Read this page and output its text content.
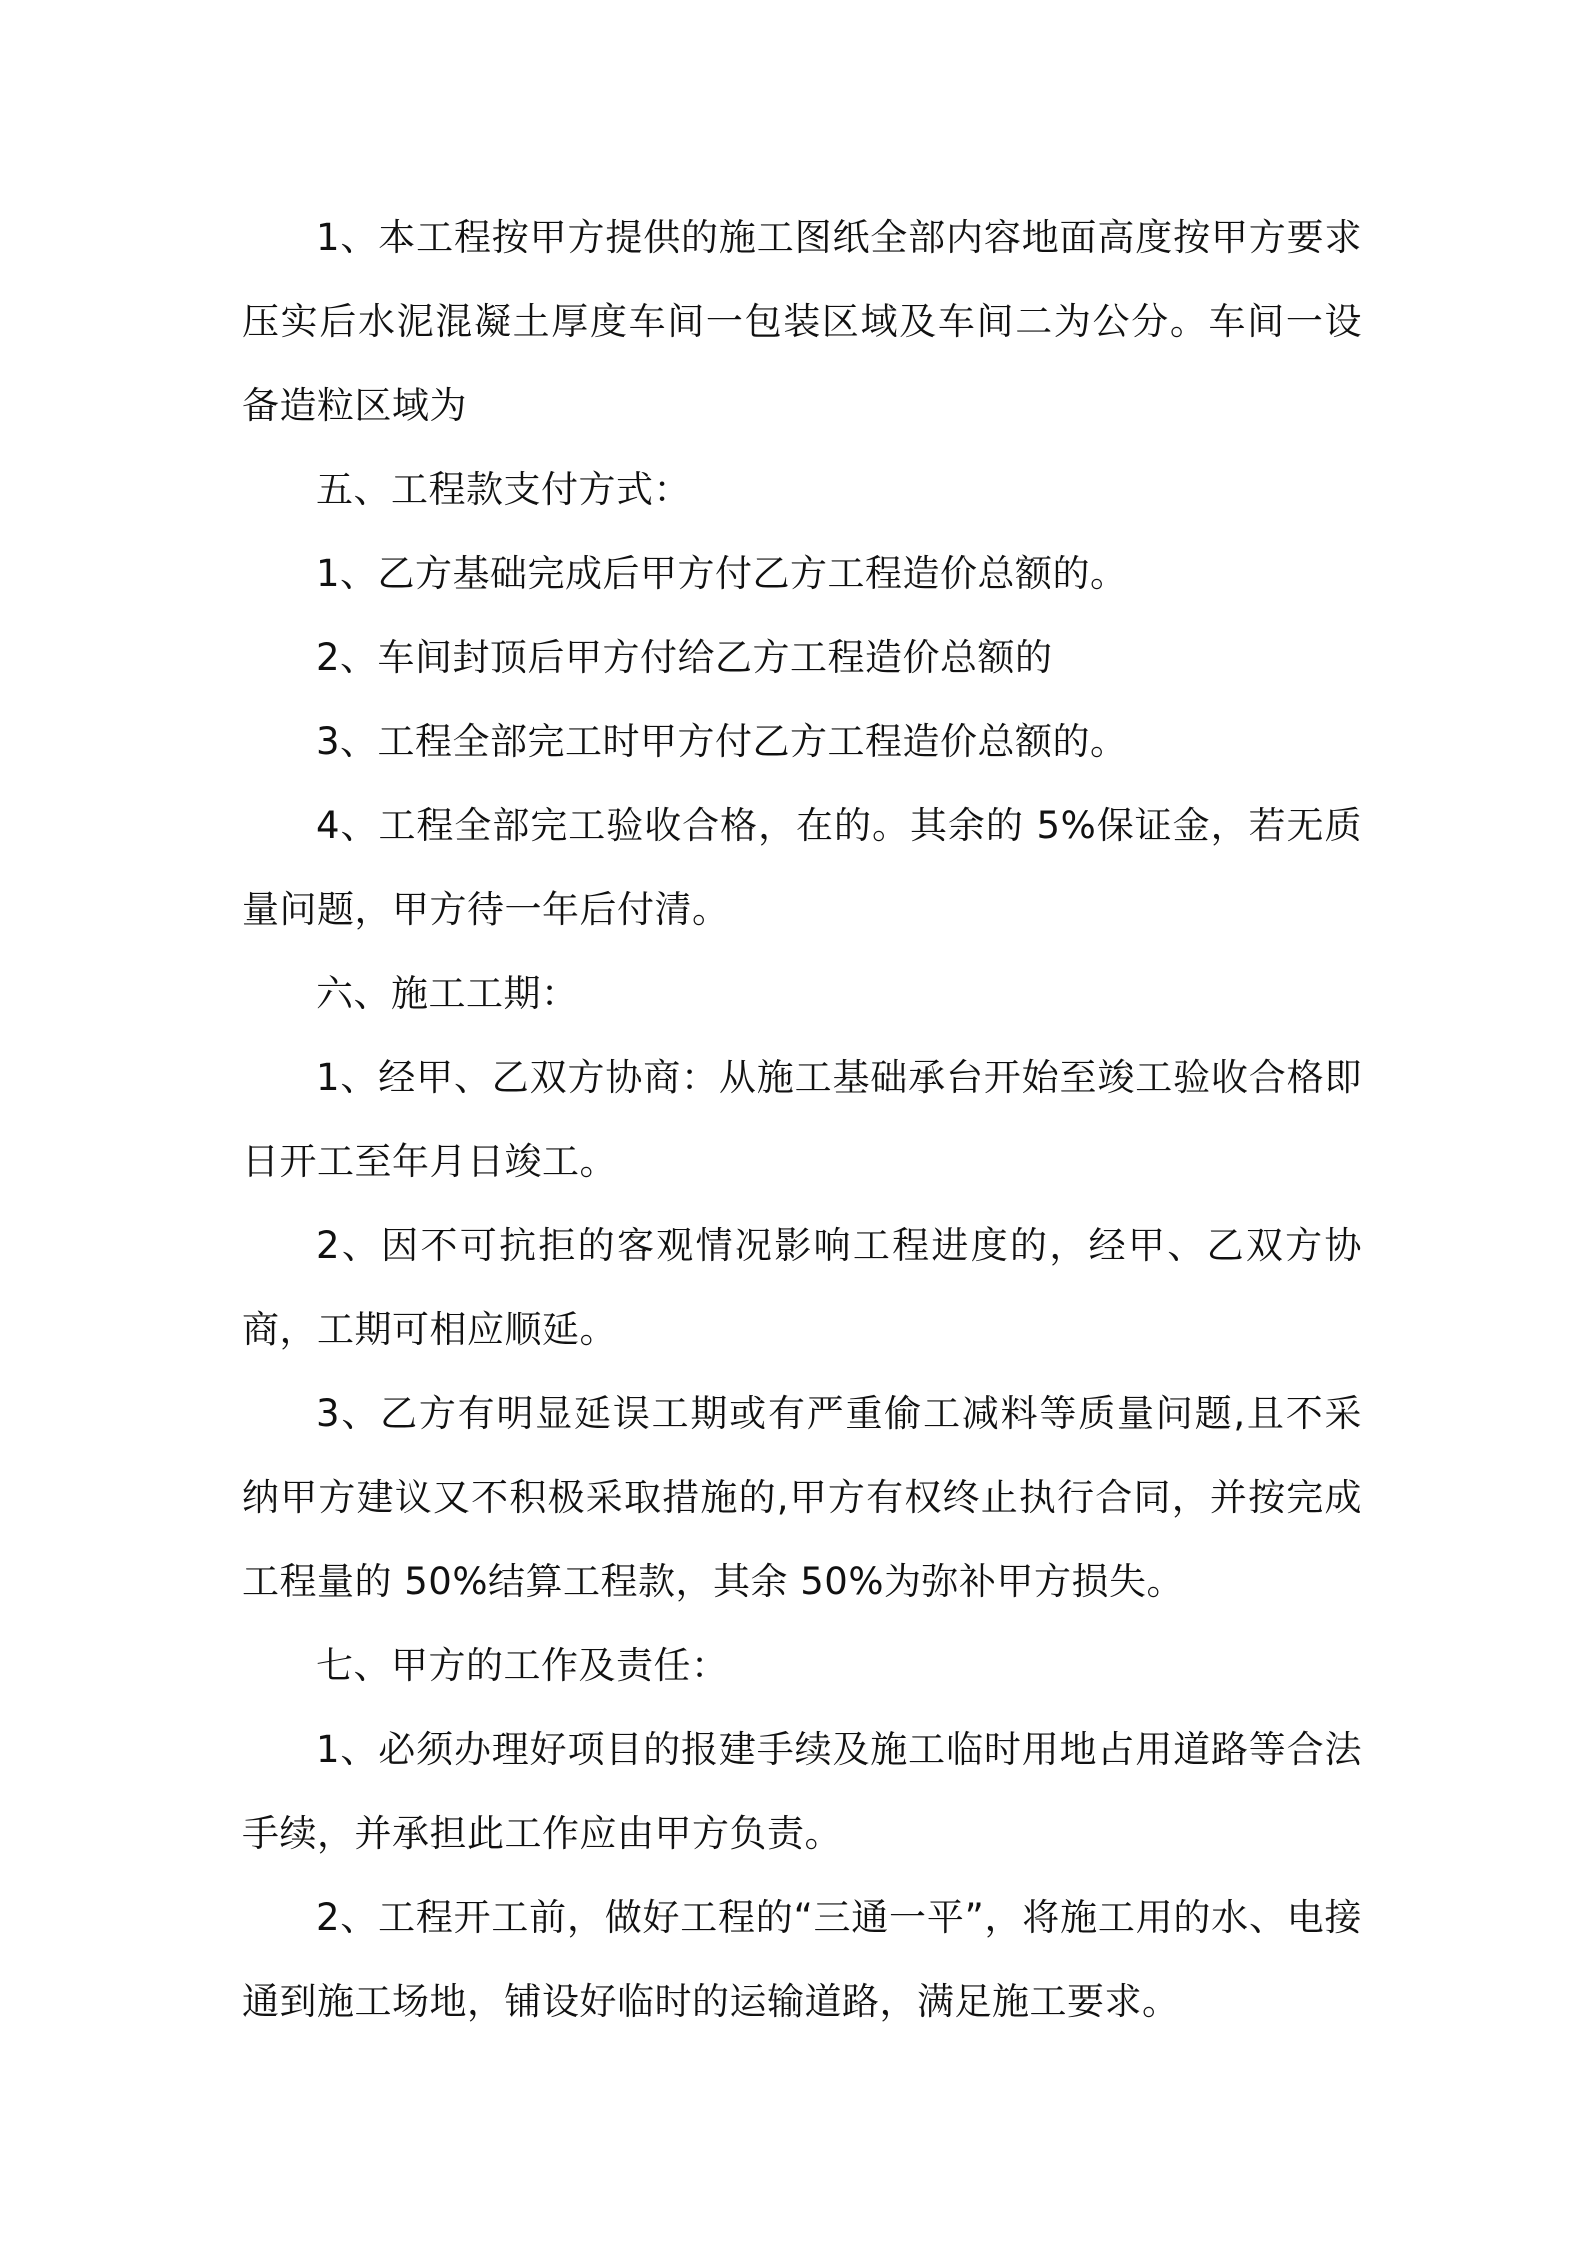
1、本工程按甲方提供的施工图纸全部内容地面高度按甲方要求压实后水泥混凝土厚度车间一包装区域及车间二为公分。车间一设备造粒区域为

五、工程款支付方式：

1、乙方基础完成后甲方付乙方工程造价总额的。

2、车间封顶后甲方付给乙方工程造价总额的

3、工程全部完工时甲方付乙方工程造价总额的。

4、工程全部完工验收合格，在的。其余的 5%保证金，若无质量问题，甲方待一年后付清。

六、施工工期：

1、经甲、乙双方协商：从施工基础承台开始至竣工验收合格即日开工至年月日竣工。

2、因不可抗拒的客观情况影响工程进度的，经甲、乙双方协商，工期可相应顺延。

3、乙方有明显延误工期或有严重偷工减料等质量问题,且不采纳甲方建议又不积极采取措施的,甲方有权终止执行合同，并按完成工程量的 50%结算工程款，其余 50%为弥补甲方损失。

七、甲方的工作及责任：

1、必须办理好项目的报建手续及施工临时用地占用道路等合法手续，并承担此工作应由甲方负责。

2、工程开工前，做好工程的“三通一平”，将施工用的水、电接通到施工场地，铺设好临时的运输道路，满足施工要求。
